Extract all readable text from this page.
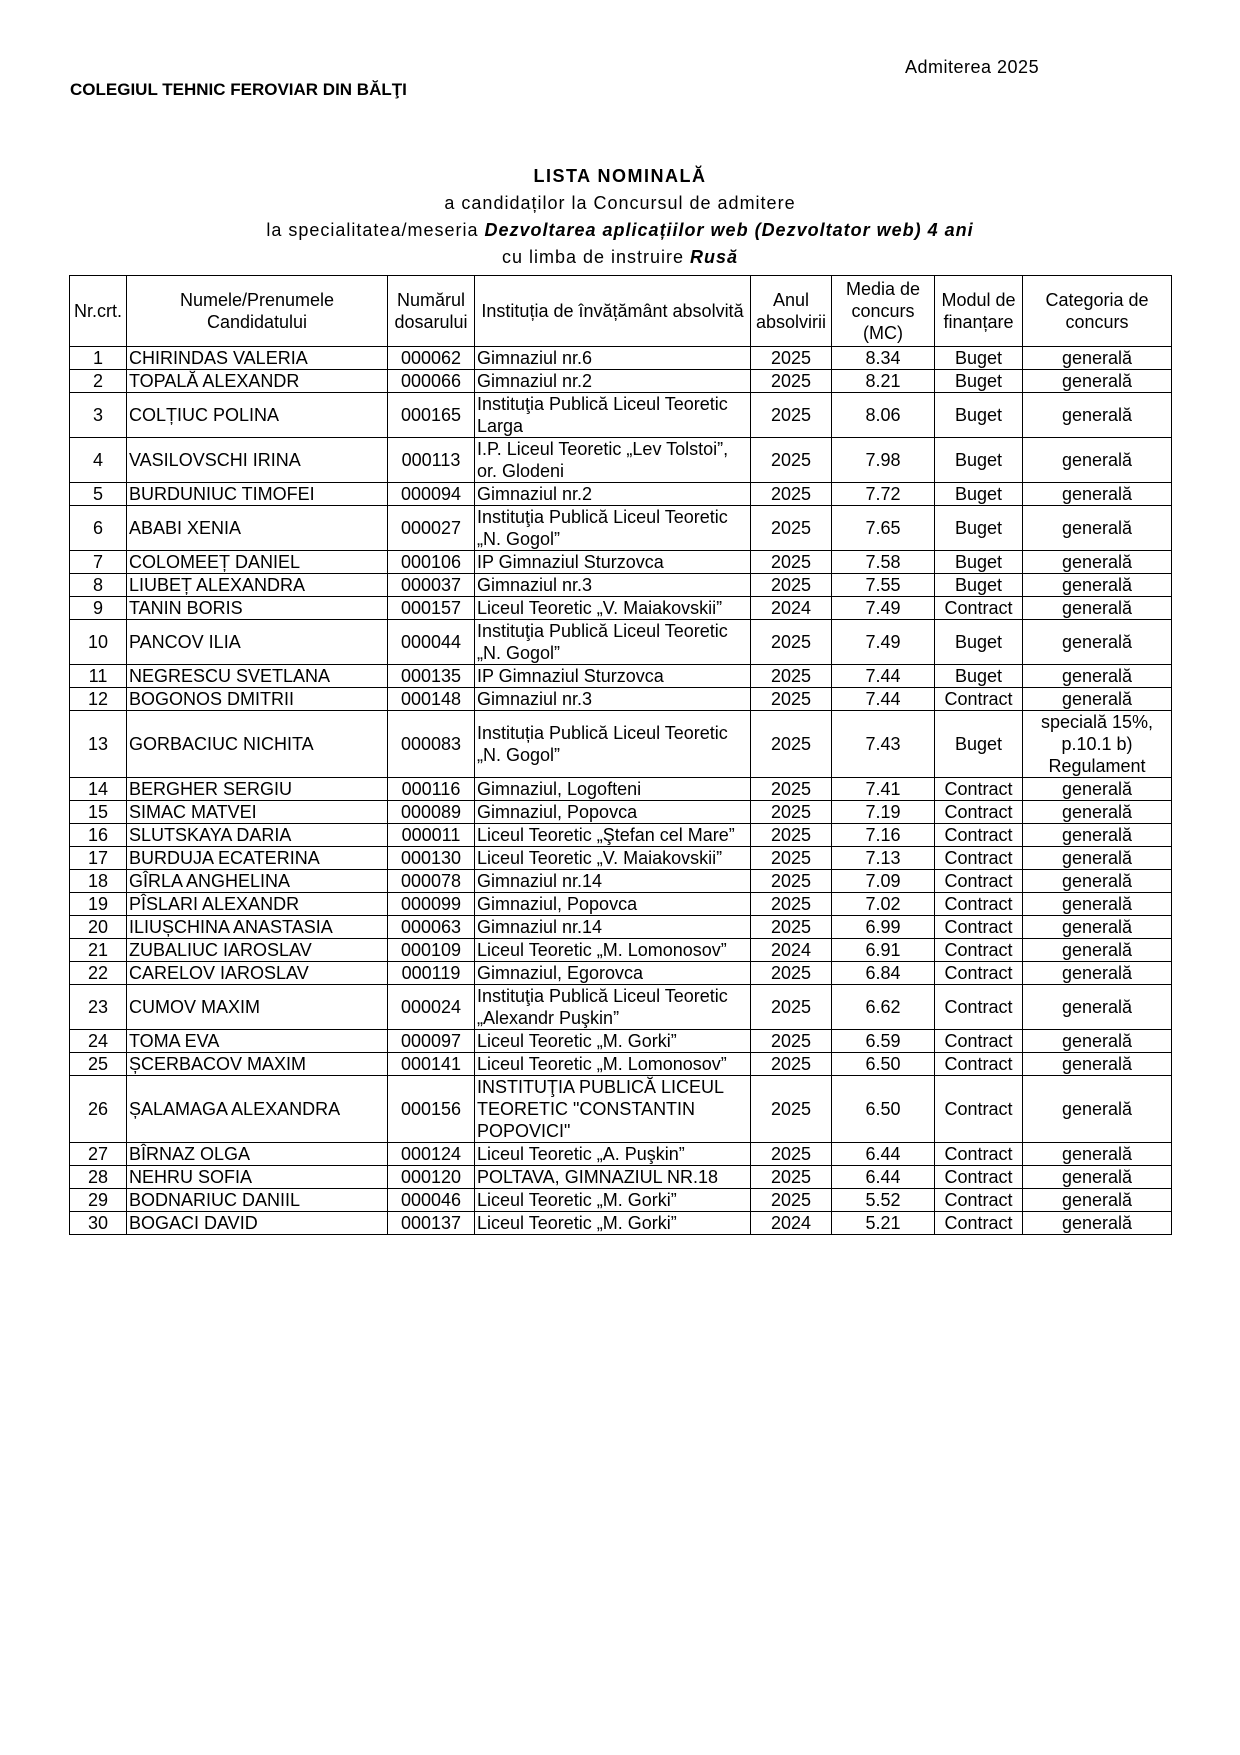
Admiterea 2025
COLEGIUL TEHNIC FEROVIAR DIN BĂLŢI
LISTA NOMINALĂ
a candidaților la Concursul de admitere
la specialitatea/meseria Dezvoltarea aplicațiilor web (Dezvoltator web) 4 ani
cu limba de instruire Rusă
Nr.crt.	Numele/Prenumele Candidatului	Numărul dosarului	Instituția de învățământ absolvită	Anul absolvirii	Media de concurs (MC)	Modul de finanțare	Categoria de concurs
1	CHIRINDAS VALERIA	000062	Gimnaziul nr.6	2025	8.34	Buget	generală
2	TOPALĂ ALEXANDR	000066	Gimnaziul nr.2	2025	8.21	Buget	generală
3	COLȚIUC POLINA	000165	Instituţia Publică Liceul Teoretic Larga	2025	8.06	Buget	generală
4	VASILOVSCHI IRINA	000113	I.P. Liceul Teoretic „Lev Tolstoi”, or. Glodeni	2025	7.98	Buget	generală
5	BURDUNIUC TIMOFEI	000094	Gimnaziul nr.2	2025	7.72	Buget	generală
6	ABABI XENIA	000027	Instituţia Publică Liceul Teoretic „N. Gogol”	2025	7.65	Buget	generală
7	COLOMEEȚ DANIEL	000106	IP Gimnaziul Sturzovca	2025	7.58	Buget	generală
8	LIUBEȚ ALEXANDRA	000037	Gimnaziul nr.3	2025	7.55	Buget	generală
9	TANIN BORIS	000157	Liceul Teoretic „V. Maiakovskii”	2024	7.49	Contract	generală
10	PANCOV ILIA	000044	Instituţia Publică Liceul Teoretic „N. Gogol”	2025	7.49	Buget	generală
11	NEGRESCU SVETLANA	000135	IP Gimnaziul Sturzovca	2025	7.44	Buget	generală
12	BOGONOS DMITRII	000148	Gimnaziul nr.3	2025	7.44	Contract	generală
13	GORBACIUC NICHITA	000083	Instituția Publică Liceul Teoretic „N. Gogol”	2025	7.43	Buget	specială 15%, p.10.1 b) Regulament
14	BERGHER SERGIU	000116	Gimnaziul, Logofteni	2025	7.41	Contract	generală
15	SIMAC MATVEI	000089	Gimnaziul, Popovca	2025	7.19	Contract	generală
16	SLUTSKAYA DARIA	000011	Liceul Teoretic „Ştefan cel Mare”	2025	7.16	Contract	generală
17	BURDUJA ECATERINA	000130	Liceul Teoretic „V. Maiakovskii”	2025	7.13	Contract	generală
18	GÎRLA ANGHELINA	000078	Gimnaziul nr.14	2025	7.09	Contract	generală
19	PÎSLARI ALEXANDR	000099	Gimnaziul, Popovca	2025	7.02	Contract	generală
20	ILIUȘCHINA ANASTASIA	000063	Gimnaziul nr.14	2025	6.99	Contract	generală
21	ZUBALIUC IAROSLAV	000109	Liceul Teoretic „M. Lomonosov”	2024	6.91	Contract	generală
22	CARELOV IAROSLAV	000119	Gimnaziul, Egorovca	2025	6.84	Contract	generală
23	CUMOV MAXIM	000024	Instituţia Publică Liceul Teoretic „Alexandr Puşkin”	2025	6.62	Contract	generală
24	TOMA EVA	000097	Liceul Teoretic „M. Gorki”	2025	6.59	Contract	generală
25	ȘCERBACOV MAXIM	000141	Liceul Teoretic „M. Lomonosov”	2025	6.50	Contract	generală
26	ȘALAMAGA ALEXANDRA	000156	INSTITUŢIA PUBLICĂ LICEUL TEORETIC "CONSTANTIN POPOVICI"	2025	6.50	Contract	generală
27	BÎRNAZ OLGA	000124	Liceul Teoretic „A. Puşkin”	2025	6.44	Contract	generală
28	NEHRU SOFIA	000120	POLTAVA, GIMNAZIUL NR.18	2025	6.44	Contract	generală
29	BODNARIUC DANIIL	000046	Liceul Teoretic „M. Gorki”	2025	5.52	Contract	generală
30	BOGACI DAVID	000137	Liceul Teoretic „M. Gorki”	2024	5.21	Contract	generală
